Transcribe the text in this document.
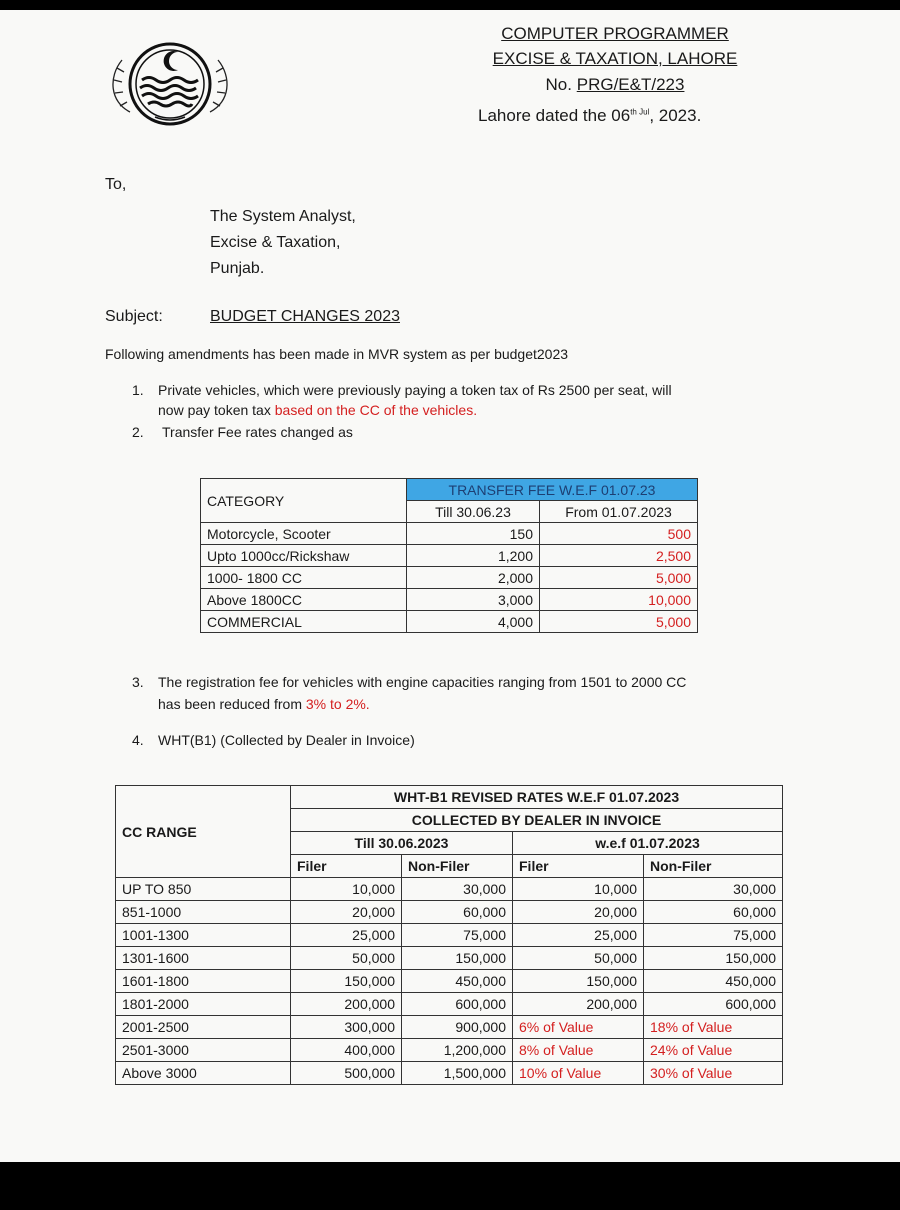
COMPUTER PROGRAMMER
EXCISE & TAXATION, LAHORE
No. PRG/E&T/223
Lahore dated the $06^{th Jul}$, 2023.
To,
The System Analyst,
Excise & Taxation,
Punjab.
Subject:	BUDGET CHANGES 2023
Following amendments has been made in MVR system as per budget2023
1. Private vehicles, which were previously paying a token tax of Rs 2500 per seat, will
now pay token tax based on the CC of the vehicles.
2. Transfer Fee rates changed as
CATEGORY	TRANSFER FEE W.E.F 01.07.23	
	Till 30.06.23	From 01.07.2023
Motorcycle, Scooter	150	500
Upto 1000cc/Rickshaw	1,200	2,500
1000- 1800 CC	2,000	5,000
Above 1800CC	3,000	10,000
COMMERCIAL	4,000	5,000
3. The registration fee for vehicles with engine capacities ranging from 1501 to 2000 CC
has been reduced from 3% to 2%.
4. WHT(B1) (Collected by Dealer in Invoice)
CC RANGE	WHT-B1 REVISED RATES W.E.F 01.07.2023			
	COLLECTED BY DEALER IN INVOICE			
	Till 30.06.2023		w.e.f 01.07.2023	
	Filer	Non-Filer	Filer	Non-Filer
UP TO 850	10,000	30,000	10,000	30,000
851-1000	20,000	60,000	20,000	60,000
1001-1300	25,000	75,000	25,000	75,000
1301-1600	50,000	150,000	50,000	150,000
1601-1800	150,000	450,000	150,000	450,000
1801-2000	200,000	600,000	200,000	600,000
2001-2500	300,000	900,000	6% of Value	18% of Value
2501-3000	400,000	1,200,000	8% of Value	24% of Value
Above 3000	500,000	1,500,000	10% of Value	30% of Value
